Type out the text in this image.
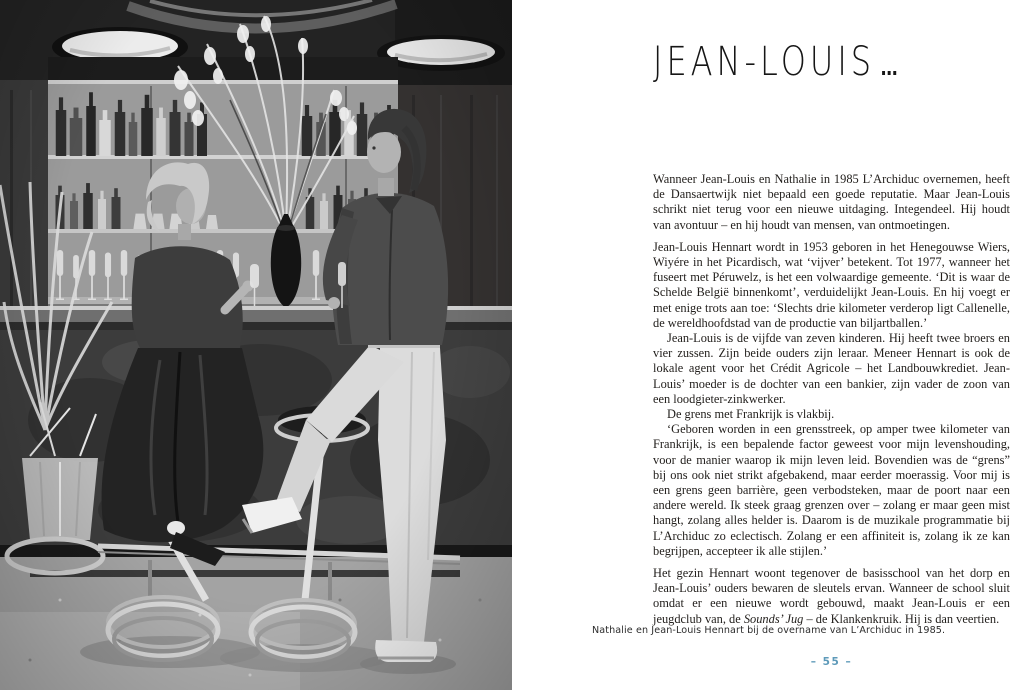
JEAN-LOUIS …

Wanneer Jean-Louis en Nathalie in 1985 L’Archiduc overnemen, heeft de Dansaertwijk niet bepaald een goede reputatie. Maar Jean-Louis schrikt niet terug voor een nieuwe uitdaging. Integendeel. Hij houdt van avontuur – en hij houdt van mensen, van ontmoetingen.

Jean-Louis Hennart wordt in 1953 geboren in het Henegouwse Wiers, Wiyére in het Picardisch, wat ‘vijver’ betekent. Tot 1977, wanneer het fuseert met Péruwelz, is het een volwaardige gemeente. ‘Dit is waar de Schelde België binnenkomt’, verduidelijkt Jean-Louis. En hij voegt er met enige trots aan toe: ‘Slechts drie kilometer verderop ligt Callenelle, de wereldhoofdstad van de productie van biljartballen.’

Jean-Louis is de vijfde van zeven kinderen. Hij heeft twee broers en vier zussen. Zijn beide ouders zijn leraar. Meneer Hennart is ook de lokale agent voor het Crédit Agricole – het Landbouwkrediet. Jean-Louis’ moeder is de dochter van een bankier, zijn vader de zoon van een loodgieter-zinkwerker.

De grens met Frankrijk is vlakbij.

‘Geboren worden in een grensstreek, op amper twee kilometer van Frankrijk, is een bepalende factor geweest voor mijn levenshouding, voor de manier waarop ik mijn leven leid. Bovendien was de “grens” bij ons ook niet strikt afgebakend, maar eerder moerassig. Voor mij is een grens geen barrière, geen verbodsteken, maar de poort naar een andere wereld. Ik steek graag grenzen over – zolang er maar geen mist hangt, zolang alles helder is. Daarom is de muzikale programmatie bij L’Archiduc zo eclectisch. Zolang er een affiniteit is, zolang ik ze kan begrijpen, accepteer ik alle stijlen.’

Het gezin Hennart woont tegenover de basisschool van het dorp en Jean-Louis’ ouders bewaren de sleutels ervan. Wanneer de school sluit omdat er een nieuwe wordt gebouwd, maakt Jean-Louis er een jeugdclub van, de Sounds’ Jug – de Klankenkruik. Hij is dan veertien.

Nathalie en Jean-Louis Hennart bij de overname van L’Archiduc in 1985.
– 55 –
